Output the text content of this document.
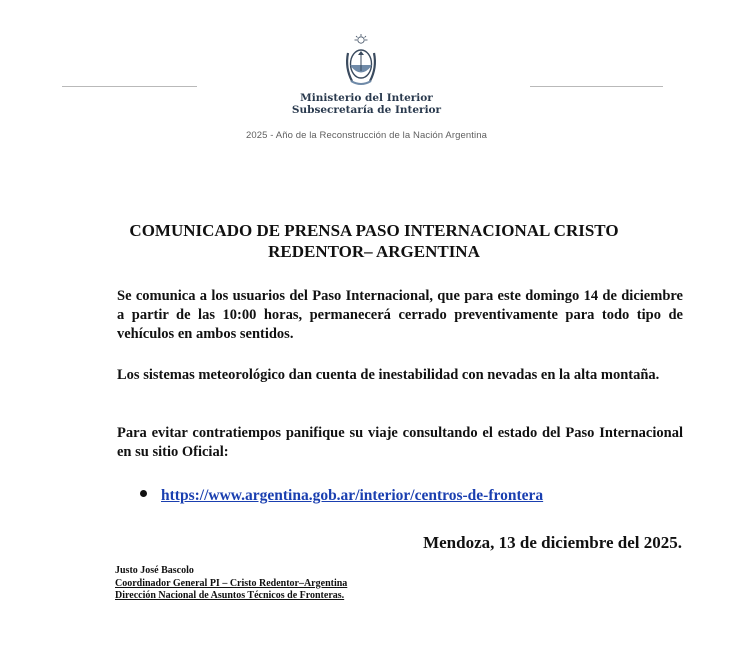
Ministerio del Interior
Subsecretaría de Interior
2025 - Año de la Reconstrucción de la Nación Argentina
COMUNICADO DE PRENSA PASO INTERNACIONAL CRISTO REDENTOR– ARGENTINA
Se comunica a los usuarios del Paso Internacional, que para este domingo 14 de diciembre a partir de las 10:00 horas, permanecerá cerrado preventivamente para todo tipo de vehículos en ambos sentidos.
Los sistemas meteorológico dan cuenta de inestabilidad con nevadas en la alta montaña.
Para evitar contratiempos panifique su viaje consultando el estado del Paso Internacional en su sitio Oficial:
https://www.argentina.gob.ar/interior/centros-de-frontera
Mendoza, 13 de diciembre del 2025.
Justo José Bascolo
Coordinador General PI – Cristo Redentor–Argentina
Dirección Nacional de Asuntos Técnicos de Fronteras.
